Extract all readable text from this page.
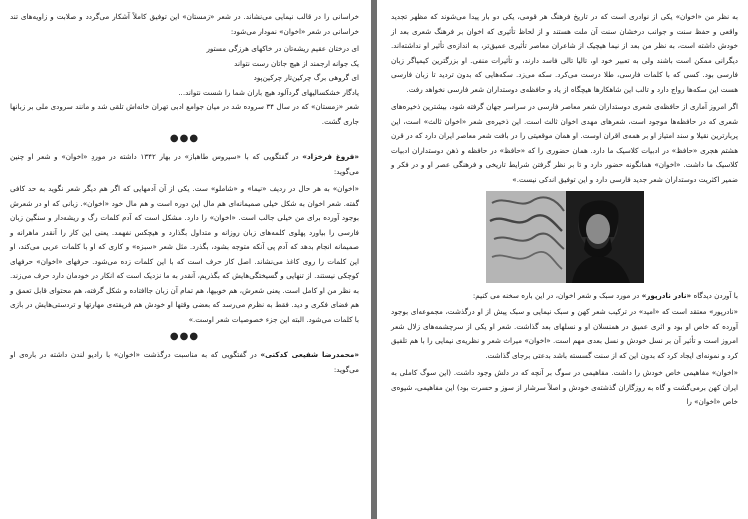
خراسانی را در قالب نیمایی می‌نشاند. در شعر «زمستان» این توفیق کاملاً آشکار می‌گردد و صلابت و زاویه‌های تند خراسانی در شعر «اخوان» نمودار می‌شود:

ای درختان عقیم ریشه‌تان در خاکهای هرزگی مستور

یک جوانه ارجمند از هیچ جاتان رست نتواند

ای گروهی برگ چرکین‌تار چرکین‌پود

یادگار خشکسالیهای گردآلود هیچ باران شما را شست نتواند...

شعر «زمستان» که در سال ۳۴ سروده شد در میان جوامع ادبی تهران خانه‌اش تلقی شد و مانند سرودی ملی بر زبانها جاری گشت.

●●●

«فروغ فرخزاد» در گفتگویی که با «سیروس طاهباز» در بهار ۱۳۴۲ داشته در موردِ «اخوان» و شعر او چنین می‌گوید:

«اخوان» به هر حال در ردیف «نیما» و «شاملو» ست. یکی از آن آدمهایی که اگر هم دیگر شعر نگوید به حد کافی گفته. شعر اخوان به شکل خیلی صمیمانه‌ای هم مال این دوره است و هم مال خود «اخوان». زبانی که او در شعرش بوجود آورده برای من خیلی جالب است. «اخوان» را دارد. مشکل است که آدم کلمات رگ و ریشه‌دار و سنگین زبان فارسی را بیاورد پهلوی کلمه‌های زبان روزانه و متداول بگذارد و هیچکس نفهمد. یعنی این کار را آنقدر ماهرانه و صمیمانه انجام بدهد که آدم پی آنکه متوجه بشود، بگذرد. مثل شعر «سبزه» و کاری که او با کلمات عربی می‌کند، او این کلمات را روی کاغذ می‌نشاند. اصل کار حرف است که با این کلمات زده می‌شود. حرفهای «اخوان» حرفهای کوچکی نیستند. از تنهایی و گسیختگی‌هایش که بگذریم، آنقدر به ما نزدیک است که انکار در خودمان دارد حرف می‌زند. به نظر من او کامل است. یعنی شعرش، هم خوبیها، هم تمام آن زبان جاافتاده و شکل گرفته، هم محتوای قابل تعمق و هم فضای فکری و دید. فقط به نظرم می‌رسد که بعضی وقتها او خودش هم فریفته‌ی مهارتها و تردستی‌هایش در بازی با کلمات می‌شود. البته این جزء خصوصیات شعر اوست.»

●●●

«محمدرضا شفیعی کدکنی» در گفتگویی که به مناسبت درگذشت «اخوان» با رادیو لندن داشته در باره‌ی او می‌گوید:

به نظر من «اخوان» یکی از نوادری است که در تاریخ فرهنگ هر قومی، یکی دو بار پیدا می‌شوند که مظهر تجدید واقعی و حفظ سنت و جوانب درخشان سنت آن ملت هستند و از لحاظ تأثیری که اخوان بر فرهنگ شعری بعد از خودش داشته است، به نظر من بعد از نیما هیچیک از شاعران معاصر تأثیری عمیق‌تر، به اندازه‌ی تأثیر او نداشته‌اند. دیگرانی ممکن است باشند ولی به تعبیر خود او، تالیا تالی فاسد دارند، و تأثیرات منفی. او بزرگترین کیمیاگر زبان فارسی بود. کسی که با کلمات فارسی، طلا درست می‌کرد. سکه می‌زد. سکه‌هایی که بدون تردید تا زبان فارسی هست این سکه‌ها رواج دارد و تالب این شاهکارها هیچگاه از یاد و حافظه‌ی دوستداران شعر فارسی نخواهد رفت.

اگر امروز آماری از حافظه‌ی شعری دوستداران شعر معاصر فارسی در سراسر جهان گرفته شود، بیشترین ذخیره‌های شعری که در حافظه‌ها موجود است، شعرهای مهدی اخوان ثالث است. این ذخیره‌ی شعر «اخوان ثالث» است، این پربارترین نقیلا و سند امتیاز او بر همه‌ی اقران اوست. او همان موقعیتی را در بافت شعر معاصر ایران دارد که در قرن هشتم هجری «حافظ» در ادبیات کلاسیک ما دارد. همان حضوری را که «حافظ» در حافظه و ذهن دوستداران ادبیات کلاسیک ما داشت. «اخوان» همانگونه حضور دارد و تا بر نظر گرفتن شرایط تاریخی و فرهنگی عصر او و در فکر و ضمیر اکثریت دوستداران شعر جدید فارسی دارد و این توفیق اندکی نیست.»

با آوردن دیدگاه «نادر نادرپور» در مورد سبک و شعر اخوان، در این باره سخنه می کنیم:

«نادرپور» معتقد است که «امید» در ترکیب شعر کهن و سبک نیمایی و سبک پیش از او درگذشت، مجموعه‌ای بوجود آورده که خاص او بود و اثری عمیق در همنسلان او و نسلهای بعد گذاشت. شعر او یکی از سرچشمه‌های زلال شعر امروز است و تأثیر آن بر نسل خودش و نسل بعدی مهم است. «اخوان» میراث شعر و نظریه‌ی نیمایی را با هم تلفیق کرد و نمونه‌ای ایجاد کرد که بدون این که از سنت گسسته باشد بدعتی برجای گذاشت.

«اخوان» مفاهیمی خاص خودش را داشت. مفاهیمی در سوگ بر آنچه که در دلش وجود داشت. (این سوگ کاملی به ایران کهن برمی‌گشت و گاه به روزگاران گذشته‌ی خودش و اصلاً سرشار از سوز و حسرت بود) این مفاهیمی، شیوه‌ی خاص «اخوان» را
